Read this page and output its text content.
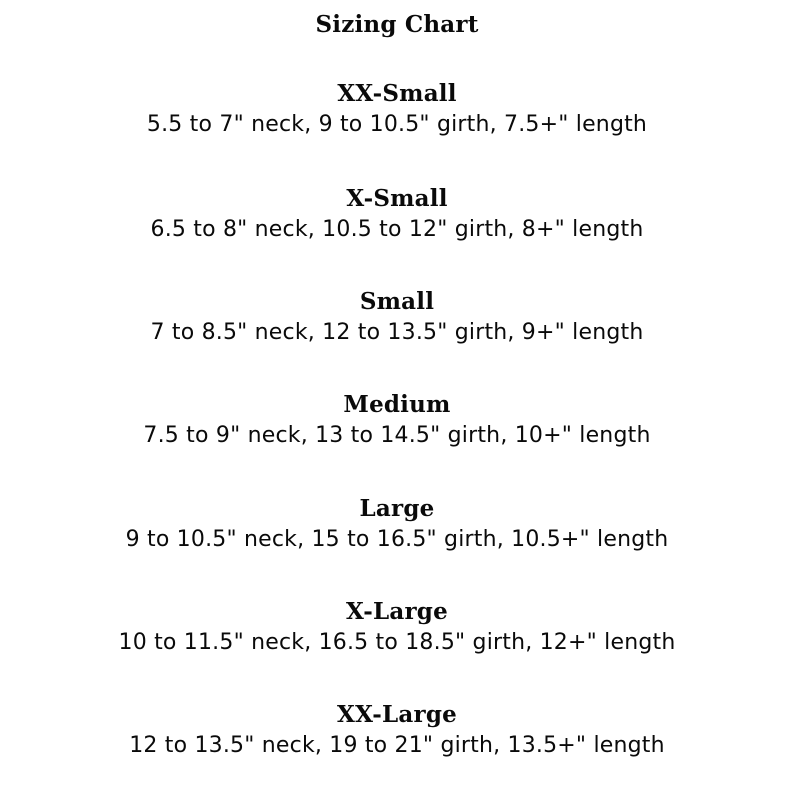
Sizing Chart
XX-Small
5.5 to 7" neck, 9 to 10.5" girth, 7.5+" length
X-Small
6.5 to 8" neck, 10.5 to 12" girth, 8+" length
Small
7 to 8.5" neck, 12 to 13.5" girth, 9+" length
Medium
7.5 to 9" neck, 13 to 14.5" girth, 10+" length
Large
9 to 10.5" neck, 15 to 16.5" girth, 10.5+" length
X-Large
10 to 11.5" neck, 16.5 to 18.5" girth, 12+" length
XX-Large
12 to 13.5" neck, 19 to 21" girth, 13.5+" length
